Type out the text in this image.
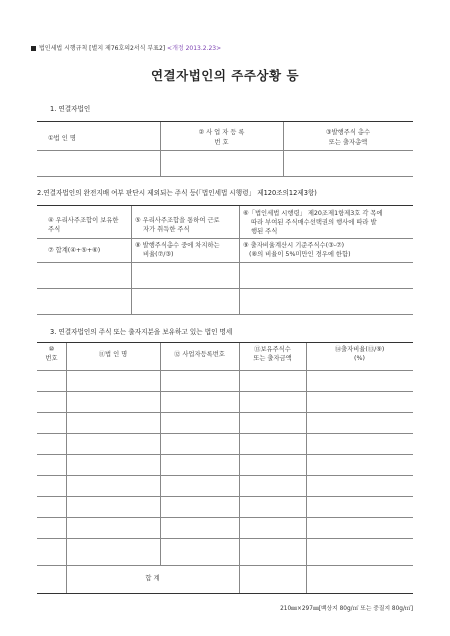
법인세법 시행규칙 [별지 제76호의2서식 부표2] <개정 2013.2.23>
연결자법인의 주주상황 등
1. 연결자법인
①법 인 명
② 사 업 자 등 록
번 호
③발행주식 총수
또는 출자총액
2.연결자법인의 완전지배 여부 판단시 제외되는 주식 등(「법인세법 시행령」 제120조의12제3항)
④ 우리사주조합이 보유한
주식
⑤ 우리사주조합을 통하여 근로
자가 취득한 주식
⑥「법인세법 시행령」 제20조제1항제3호 각 목에
따라 부여된 주식매수선택권의 행사에 따라 발
행된 주식
⑦ 합계(④+⑤+⑥)
⑧ 발행주식총수 중에 차지하는
비율(⑦/③)
⑨ 출자비율계산시 기준주식수(③-⑦)
(⑧의 비율이 5%미만인 경우에 한함)
3. 연결자법인의 주식 또는 출자지분을 보유하고 있는 법인 명세
⑩
번호
⑪법 인 명	⑫ 사업자등록번호
⑬보유주식수
또는 출자금액
⑭출자비율(⑬/⑨)
(%)
합 계
210㎜×297㎜[백상지 80g/㎡ 또는 중질지 80g/㎡]
